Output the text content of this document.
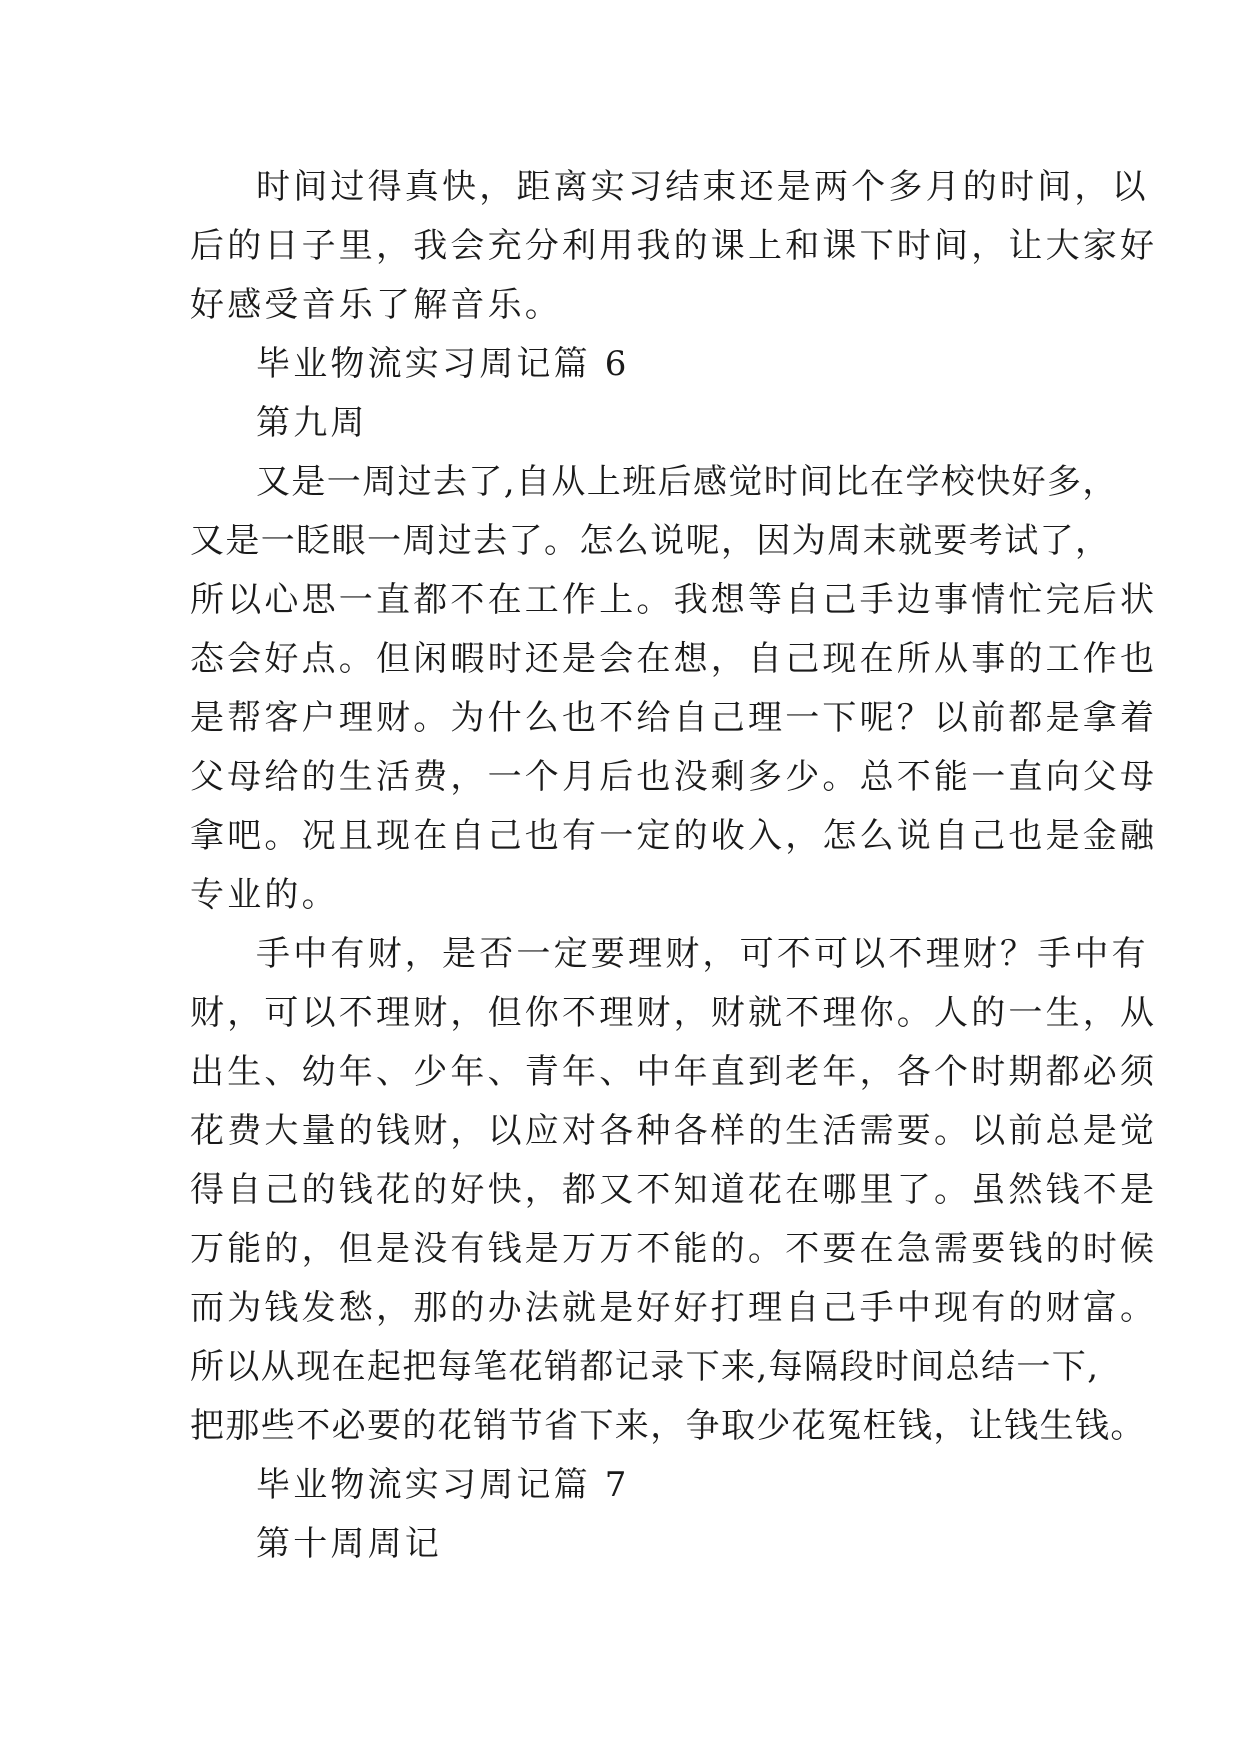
时间过得真快，距离实习结束还是两个多月的时间，以
后的日子里，我会充分利用我的课上和课下时间，让大家好
好感受音乐了解音乐。
毕业物流实习周记篇 6
第九周
又是一周过去了,自从上班后感觉时间比在学校快好多，
又是一眨眼一周过去了。怎么说呢，因为周末就要考试了，
所以心思一直都不在工作上。我想等自己手边事情忙完后状
态会好点。但闲暇时还是会在想，自己现在所从事的工作也
是帮客户理财。为什么也不给自己理一下呢？以前都是拿着
父母给的生活费，一个月后也没剩多少。总不能一直向父母
拿吧。况且现在自己也有一定的收入，怎么说自己也是金融
专业的。
手中有财，是否一定要理财，可不可以不理财？手中有
财，可以不理财，但你不理财，财就不理你。人的一生，从
出生、幼年、少年、青年、中年直到老年，各个时期都必须
花费大量的钱财，以应对各种各样的生活需要。以前总是觉
得自己的钱花的好快，都又不知道花在哪里了。虽然钱不是
万能的，但是没有钱是万万不能的。不要在急需要钱的时候
而为钱发愁，那的办法就是好好打理自己手中现有的财富。
所以从现在起把每笔花销都记录下来,每隔段时间总结一下,
把那些不必要的花销节省下来，争取少花冤枉钱，让钱生钱。
毕业物流实习周记篇 7
第十周周记
